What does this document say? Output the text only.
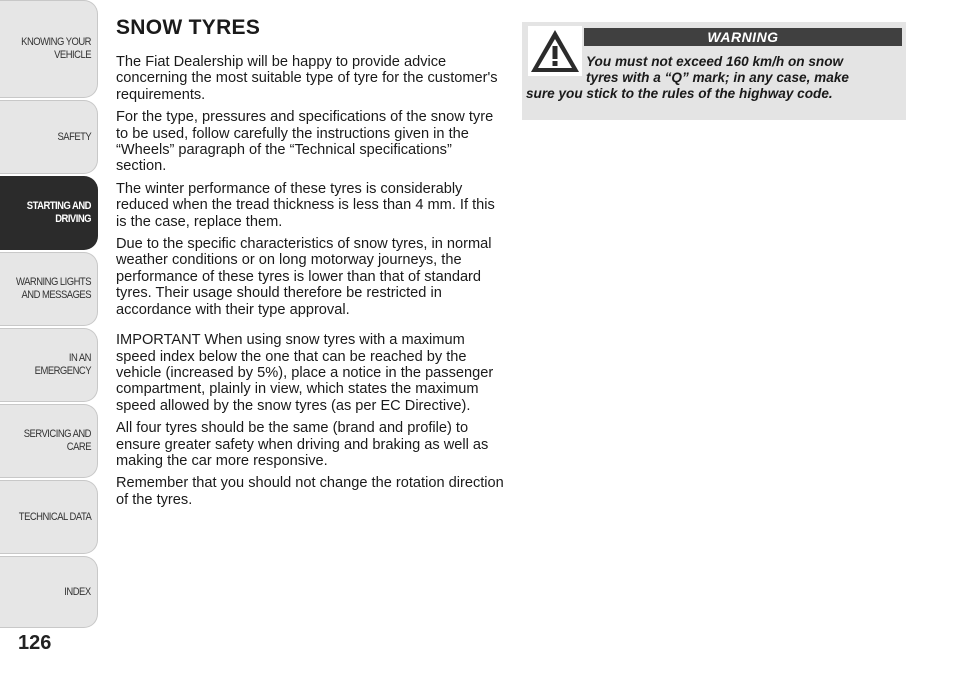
KNOWING YOUR VEHICLE
SAFETY
STARTING AND DRIVING
WARNING LIGHTS AND MESSAGES
IN AN EMERGENCY
SERVICING AND CARE
TECHNICAL DATA
INDEX
126
SNOW TYRES

The Fiat Dealership will be happy to provide advice concerning the most suitable type of tyre for the customer's requirements.

For the type, pressures and specifications of the snow tyre to be used, follow carefully the instructions given in the “Wheels” paragraph of the “Technical specifications” section.

The winter performance of these tyres is considerably reduced when the tread thickness is less than 4 mm. If this is the case, replace them.

Due to the specific characteristics of snow tyres, in normal weather conditions or on long motorway journeys, the performance of these tyres is lower than that of standard tyres. Their usage should therefore be restricted in accordance with their type approval.

IMPORTANT When using snow tyres with a maximum speed index below the one that can be reached by the vehicle (increased by 5%), place a notice in the passenger compartment, plainly in view, which states the maximum speed allowed by the snow tyres (as per EC Directive).

All four tyres should be the same (brand and profile) to ensure greater safety when driving and braking as well as making the car more responsive.

Remember that you should not change the rotation direction of the tyres.

WARNING
You must not exceed 160 km/h on snow
tyres with a “Q” mark; in any case, make
sure you stick to the rules of the highway code.
